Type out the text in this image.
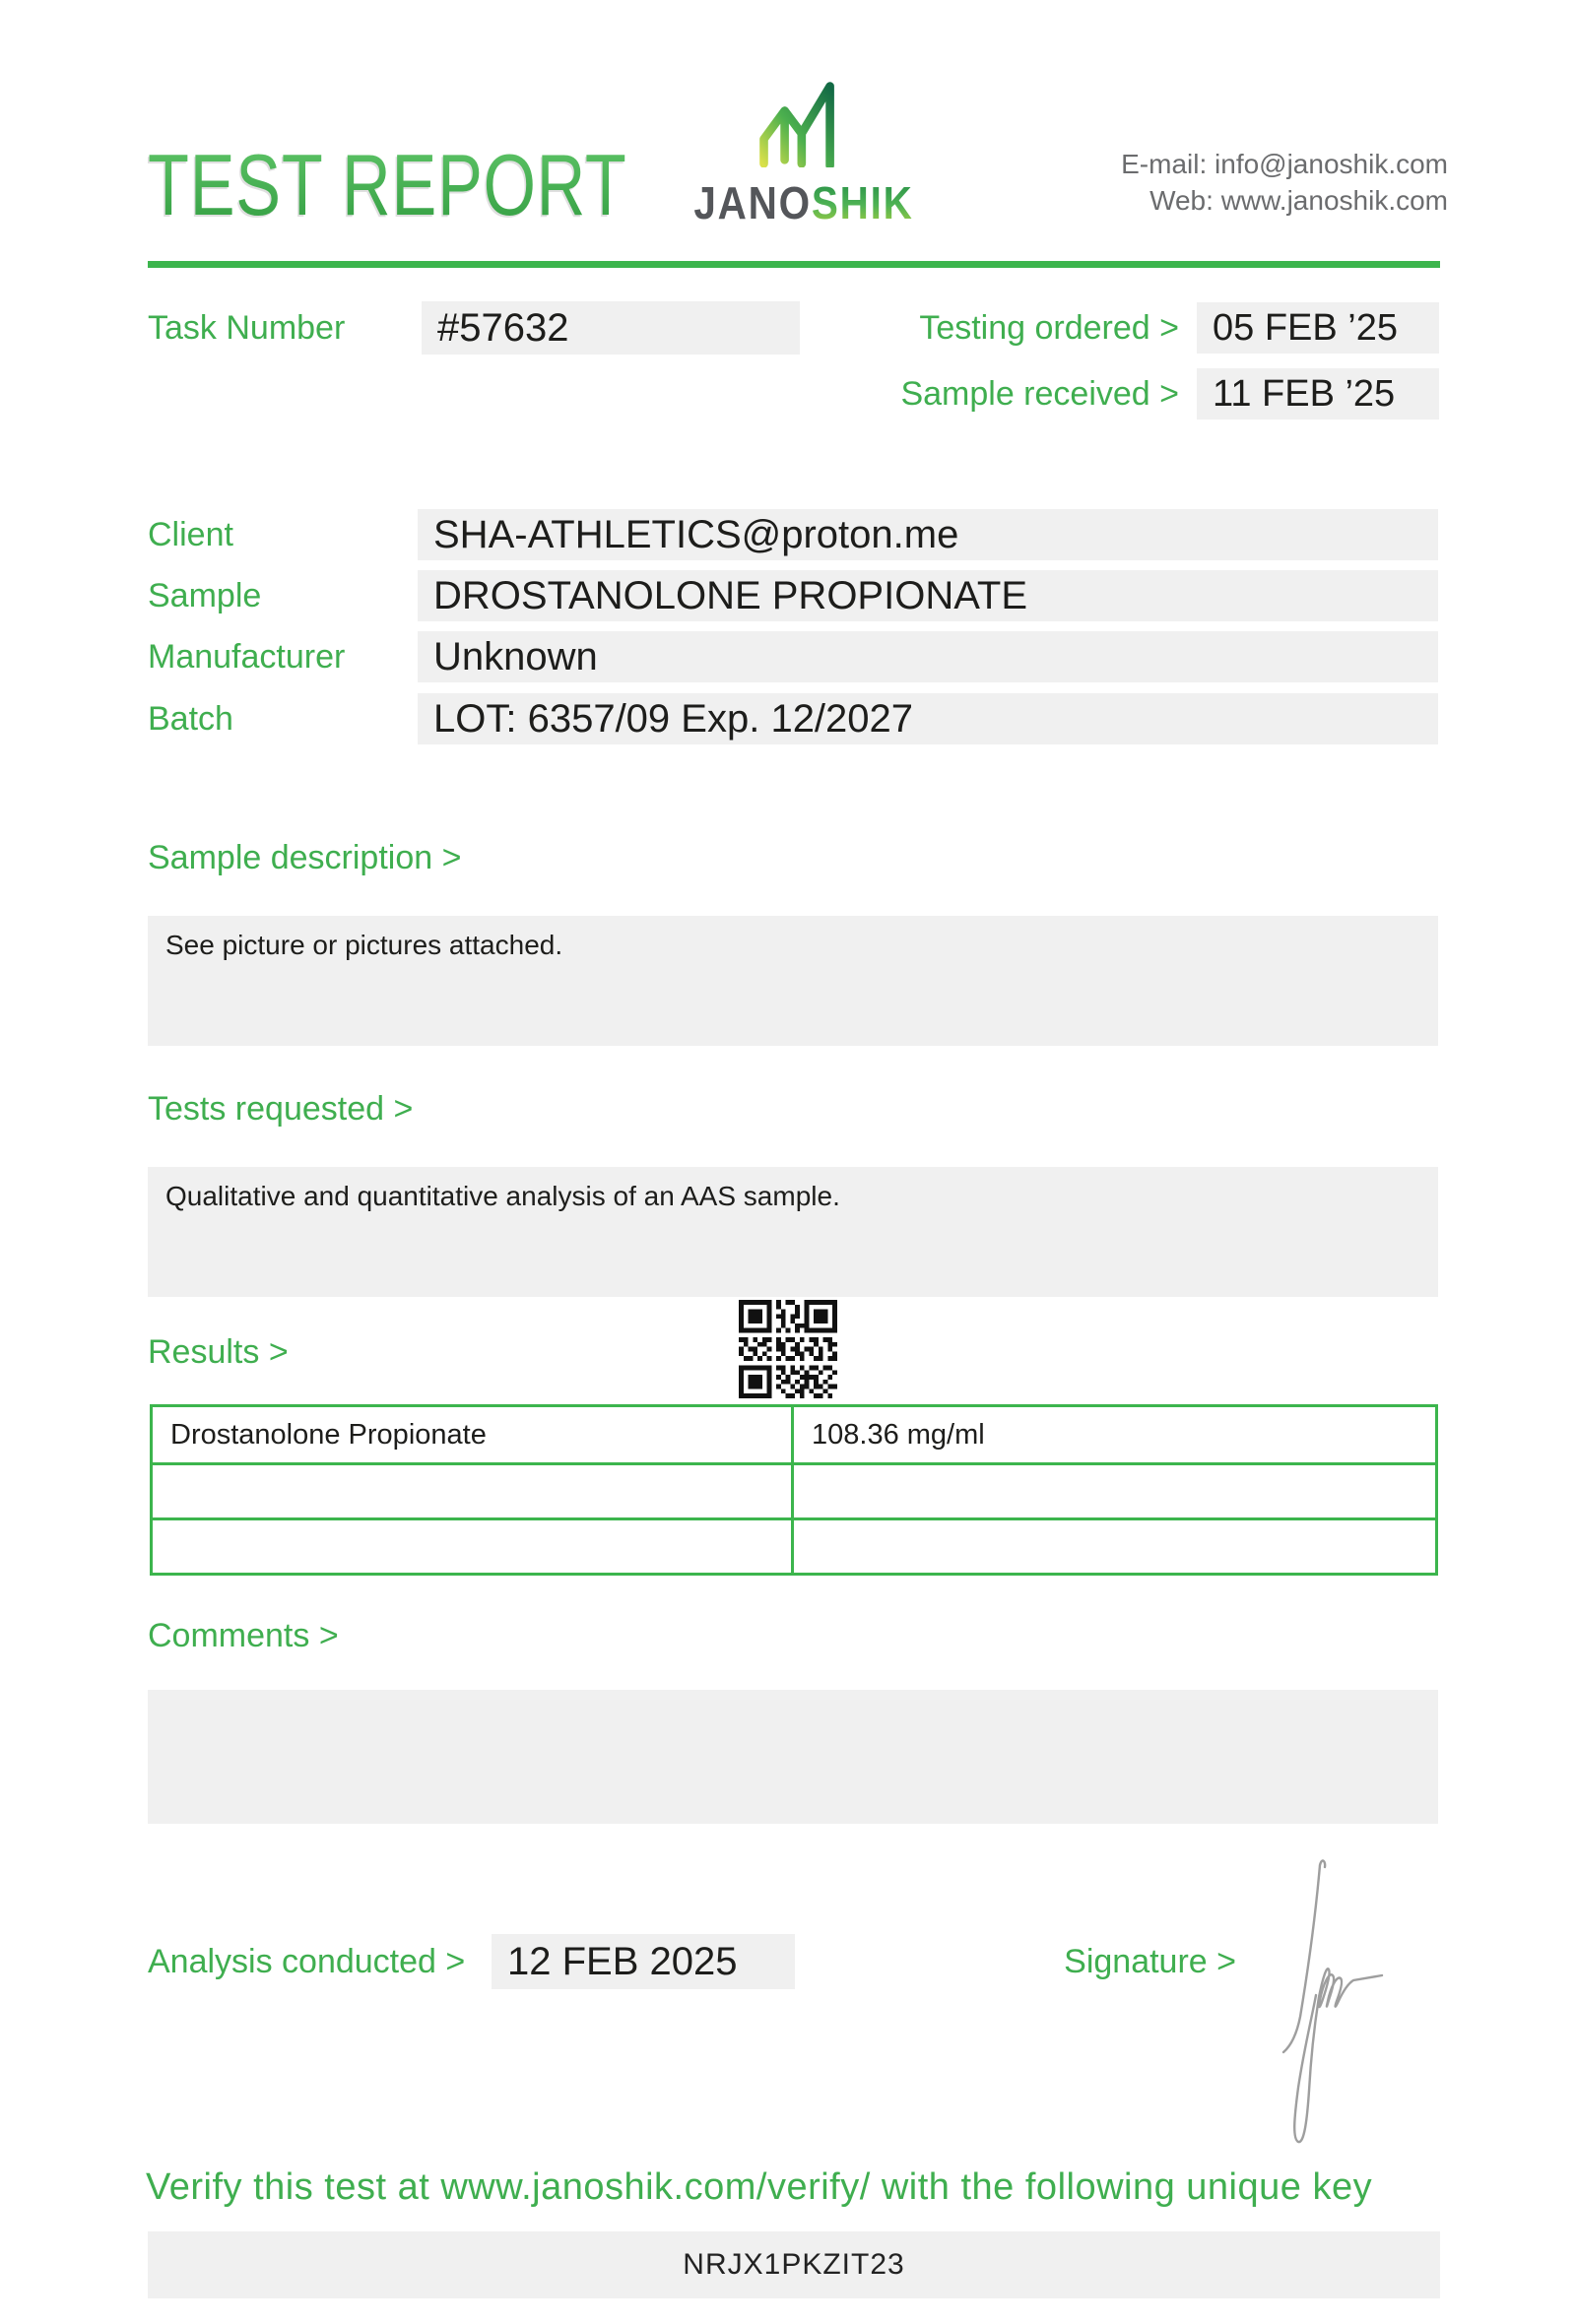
TEST REPORT JANOSHIK
E-mail: info@janoshik.com
Web: www.janoshik.com
Task Number #57632	Testing ordered > 05 FEB ’25
Sample received > 11 FEB ’25
Client	SHA-ATHLETICS@proton.me
Sample	DROSTANOLONE PROPIONATE
Manufacturer Unknown
Batch	LOT: 6357/09 Exp. 12/2027
Sample description >
See picture or pictures attached.
Tests requested >
Qualitative and quantitative analysis of an AAS sample.
Results >
Drostanolone Propionate	108.36 mg/ml
Comments >
Analysis conducted > 12 FEB 2025	Signature >
Verify this test at www.janoshik.com/verify/ with the following unique key
NRJX1PKZIT23
